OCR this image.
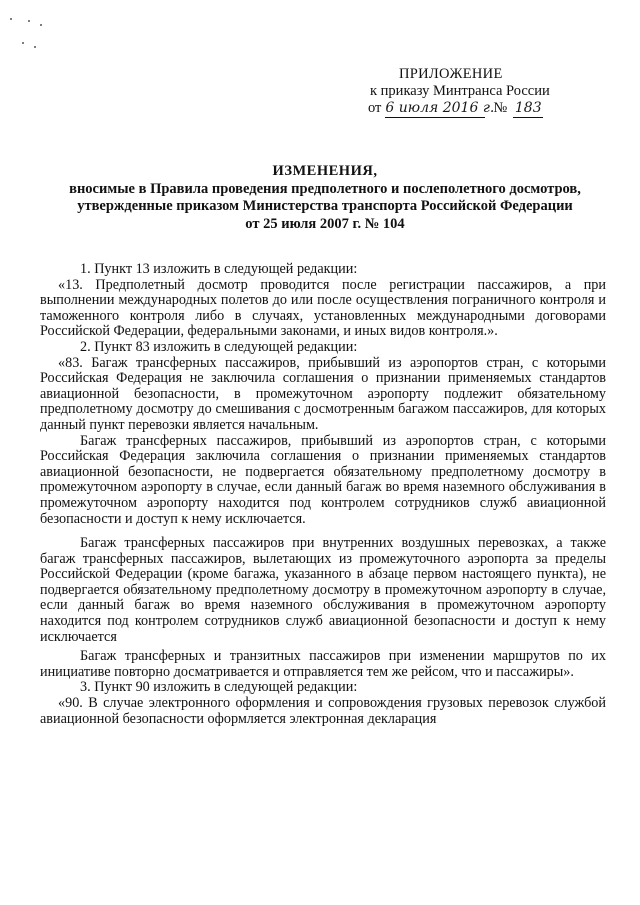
ПРИЛОЖЕНИЕ
к приказу Минтранса России
от 6 июля 2016 г. № 183
ИЗМЕНЕНИЯ,
вносимые в Правила проведения предполетного и послеполетного досмотров,
утвержденные приказом Министерства транспорта Российской Федерации
от 25 июля 2007 г. № 104

1. Пункт 13 изложить в следующей редакции:

«13. Предполетный досмотр проводится после регистрации пассажиров, а при выполнении международных полетов до или после осуществления пограничного контроля и таможенного контроля либо в случаях, установленных международными договорами Российской Федерации, федеральными законами, и иных видов контроля.».

2. Пункт 83 изложить в следующей редакции:

«83. Багаж трансферных пассажиров, прибывший из аэропортов стран, с которыми Российская Федерация не заключила соглашения о признании применяемых стандартов авиационной безопасности, в промежуточном аэропорту подлежит обязательному предполетному досмотру до смешивания с досмотренным багажом пассажиров, для которых данный пункт перевозки является начальным.

Багаж трансферных пассажиров, прибывший из аэропортов стран, с которыми Российская Федерация заключила соглашения о признании применяемых стандартов авиационной безопасности, не подвергается обязательному предполетному досмотру в промежуточном аэропорту в случае, если данный багаж во время наземного обслуживания в промежуточном аэропорту находится под контролем сотрудников служб авиационной безопасности и доступ к нему исключается.

Багаж трансферных пассажиров при внутренних воздушных перевозках, а также багаж трансферных пассажиров, вылетающих из промежуточного аэропорта за пределы Российской Федерации (кроме багажа, указанного в абзаце первом настоящего пункта), не подвергается обязательному предполетному досмотру в промежуточном аэропорту в случае, если данный багаж во время наземного обслуживания в промежуточном аэропорту находится под контролем сотрудников служб авиационной безопасности и доступ к нему исключается

Багаж трансферных и транзитных пассажиров при изменении маршрутов по их инициативе повторно досматривается и отправляется тем же рейсом, что и пассажиры».

3. Пункт 90 изложить в следующей редакции:

«90. В случае электронного оформления и сопровождения грузовых перевозок службой авиационной безопасности оформляется электронная декларация
